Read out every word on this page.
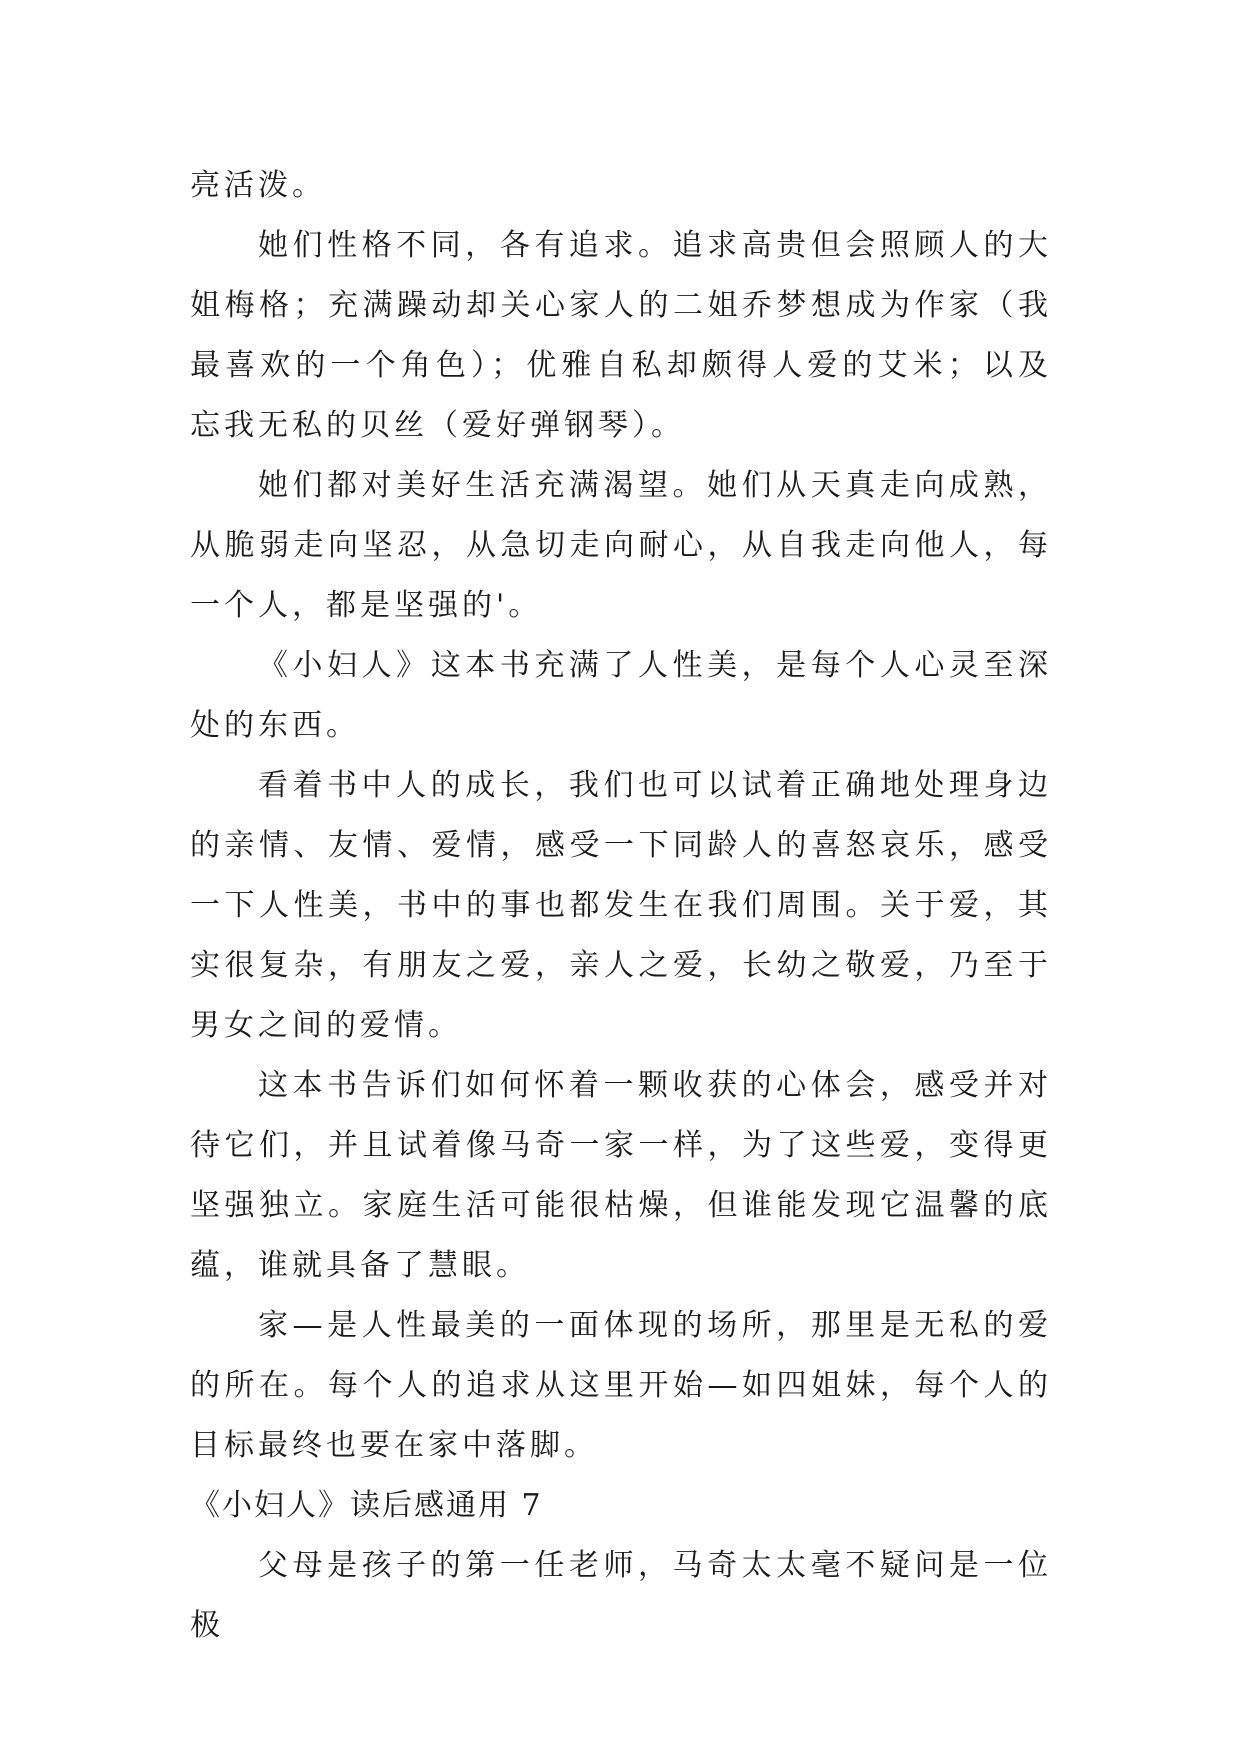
亮活泼。

她们性格不同，各有追求。追求高贵但会照顾人的大姐梅格；充满躁动却关心家人的二姐乔梦想成为作家（我最喜欢的一个角色）；优雅自私却颇得人爱的艾米；以及忘我无私的贝丝（爱好弹钢琴）。

她们都对美好生活充满渴望。她们从天真走向成熟，从脆弱走向坚忍，从急切走向耐心，从自我走向他人，每一个人，都是坚强的'。

《小妇人》这本书充满了人性美，是每个人心灵至深处的东西。

看着书中人的成长，我们也可以试着正确地处理身边的亲情、友情、爱情，感受一下同龄人的喜怒哀乐，感受一下人性美，书中的事也都发生在我们周围。关于爱，其实很复杂，有朋友之爱，亲人之爱，长幼之敬爱，乃至于男女之间的爱情。

这本书告诉们如何怀着一颗收获的心体会，感受并对待它们，并且试着像马奇一家一样，为了这些爱，变得更坚强独立。家庭生活可能很枯燥，但谁能发现它温馨的底蕴，谁就具备了慧眼。

家—是人性最美的一面体现的场所，那里是无私的爱的所在。每个人的追求从这里开始—如四姐妹，每个人的目标最终也要在家中落脚。

《小妇人》读后感通用 7

父母是孩子的第一任老师，马奇太太毫不疑问是一位极
